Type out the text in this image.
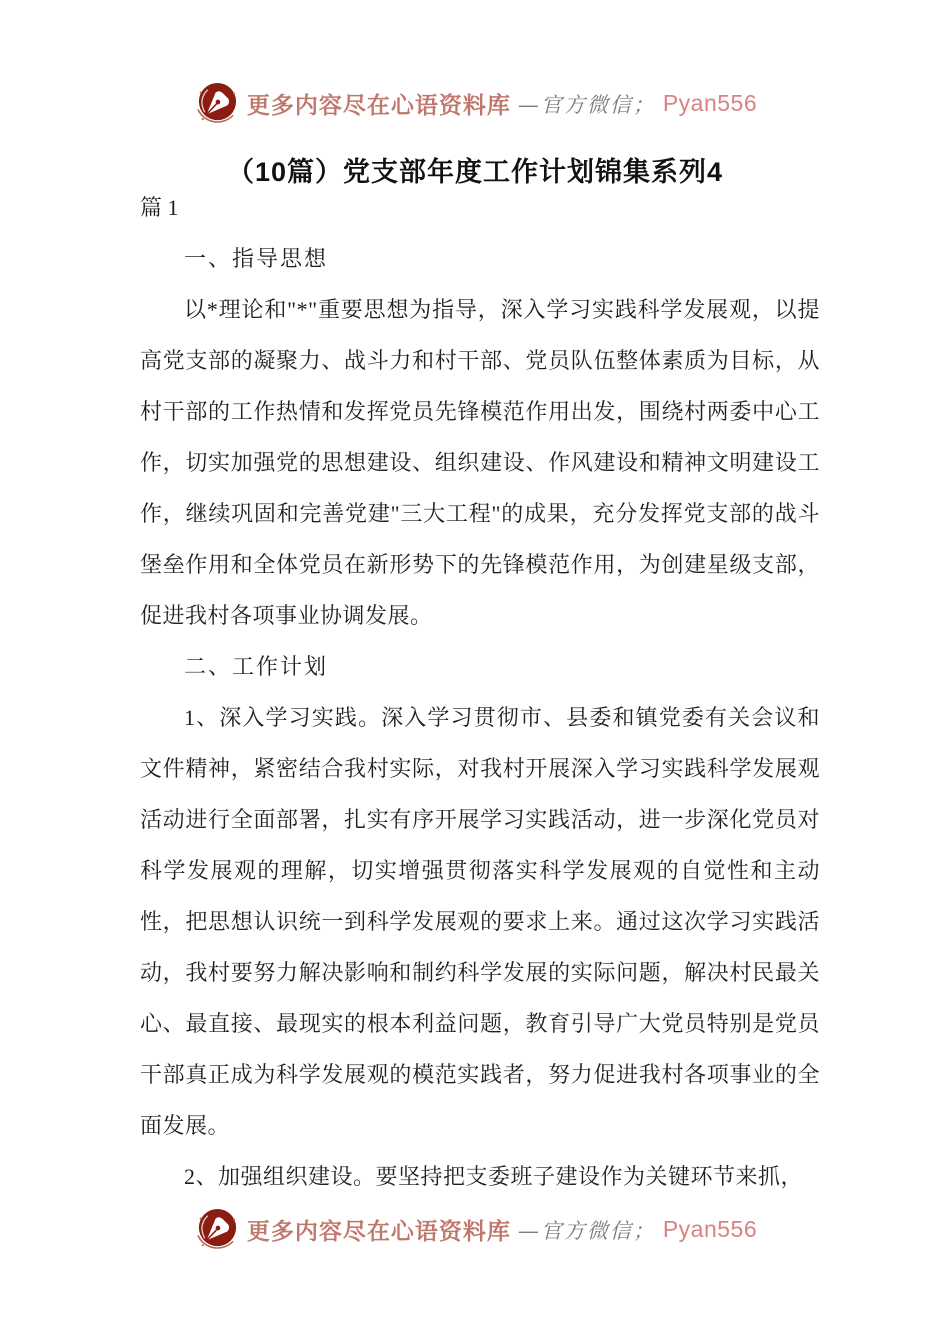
更多内容尽在心语资料库 —官方微信； Pyan556
（10篇）党支部年度工作计划锦集系列4

篇 1

一、指导思想

以*理论和"*"重要思想为指导，深入学习实践科学发展观，以提高党支部的凝聚力、战斗力和村干部、党员队伍整体素质为目标，从村干部的工作热情和发挥党员先锋模范作用出发，围绕村两委中心工作，切实加强党的思想建设、组织建设、作风建设和精神文明建设工作，继续巩固和完善党建"三大工程"的成果，充分发挥党支部的战斗堡垒作用和全体党员在新形势下的先锋模范作用，为创建星级支部，促进我村各项事业协调发展。

二、工作计划

1、深入学习实践。深入学习贯彻市、县委和镇党委有关会议和文件精神，紧密结合我村实际，对我村开展深入学习实践科学发展观活动进行全面部署，扎实有序开展学习实践活动，进一步深化党员对科学发展观的理解，切实增强贯彻落实科学发展观的自觉性和主动性，把思想认识统一到科学发展观的要求上来。通过这次学习实践活动，我村要努力解决影响和制约科学发展的实际问题，解决村民最关心、最直接、最现实的根本利益问题，教育引导广大党员特别是党员干部真正成为科学发展观的模范实践者，努力促进我村各项事业的全面发展。

2、加强组织建设。要坚持把支委班子建设作为关键环节来抓，

更多内容尽在心语资料库 —官方微信； Pyan556
